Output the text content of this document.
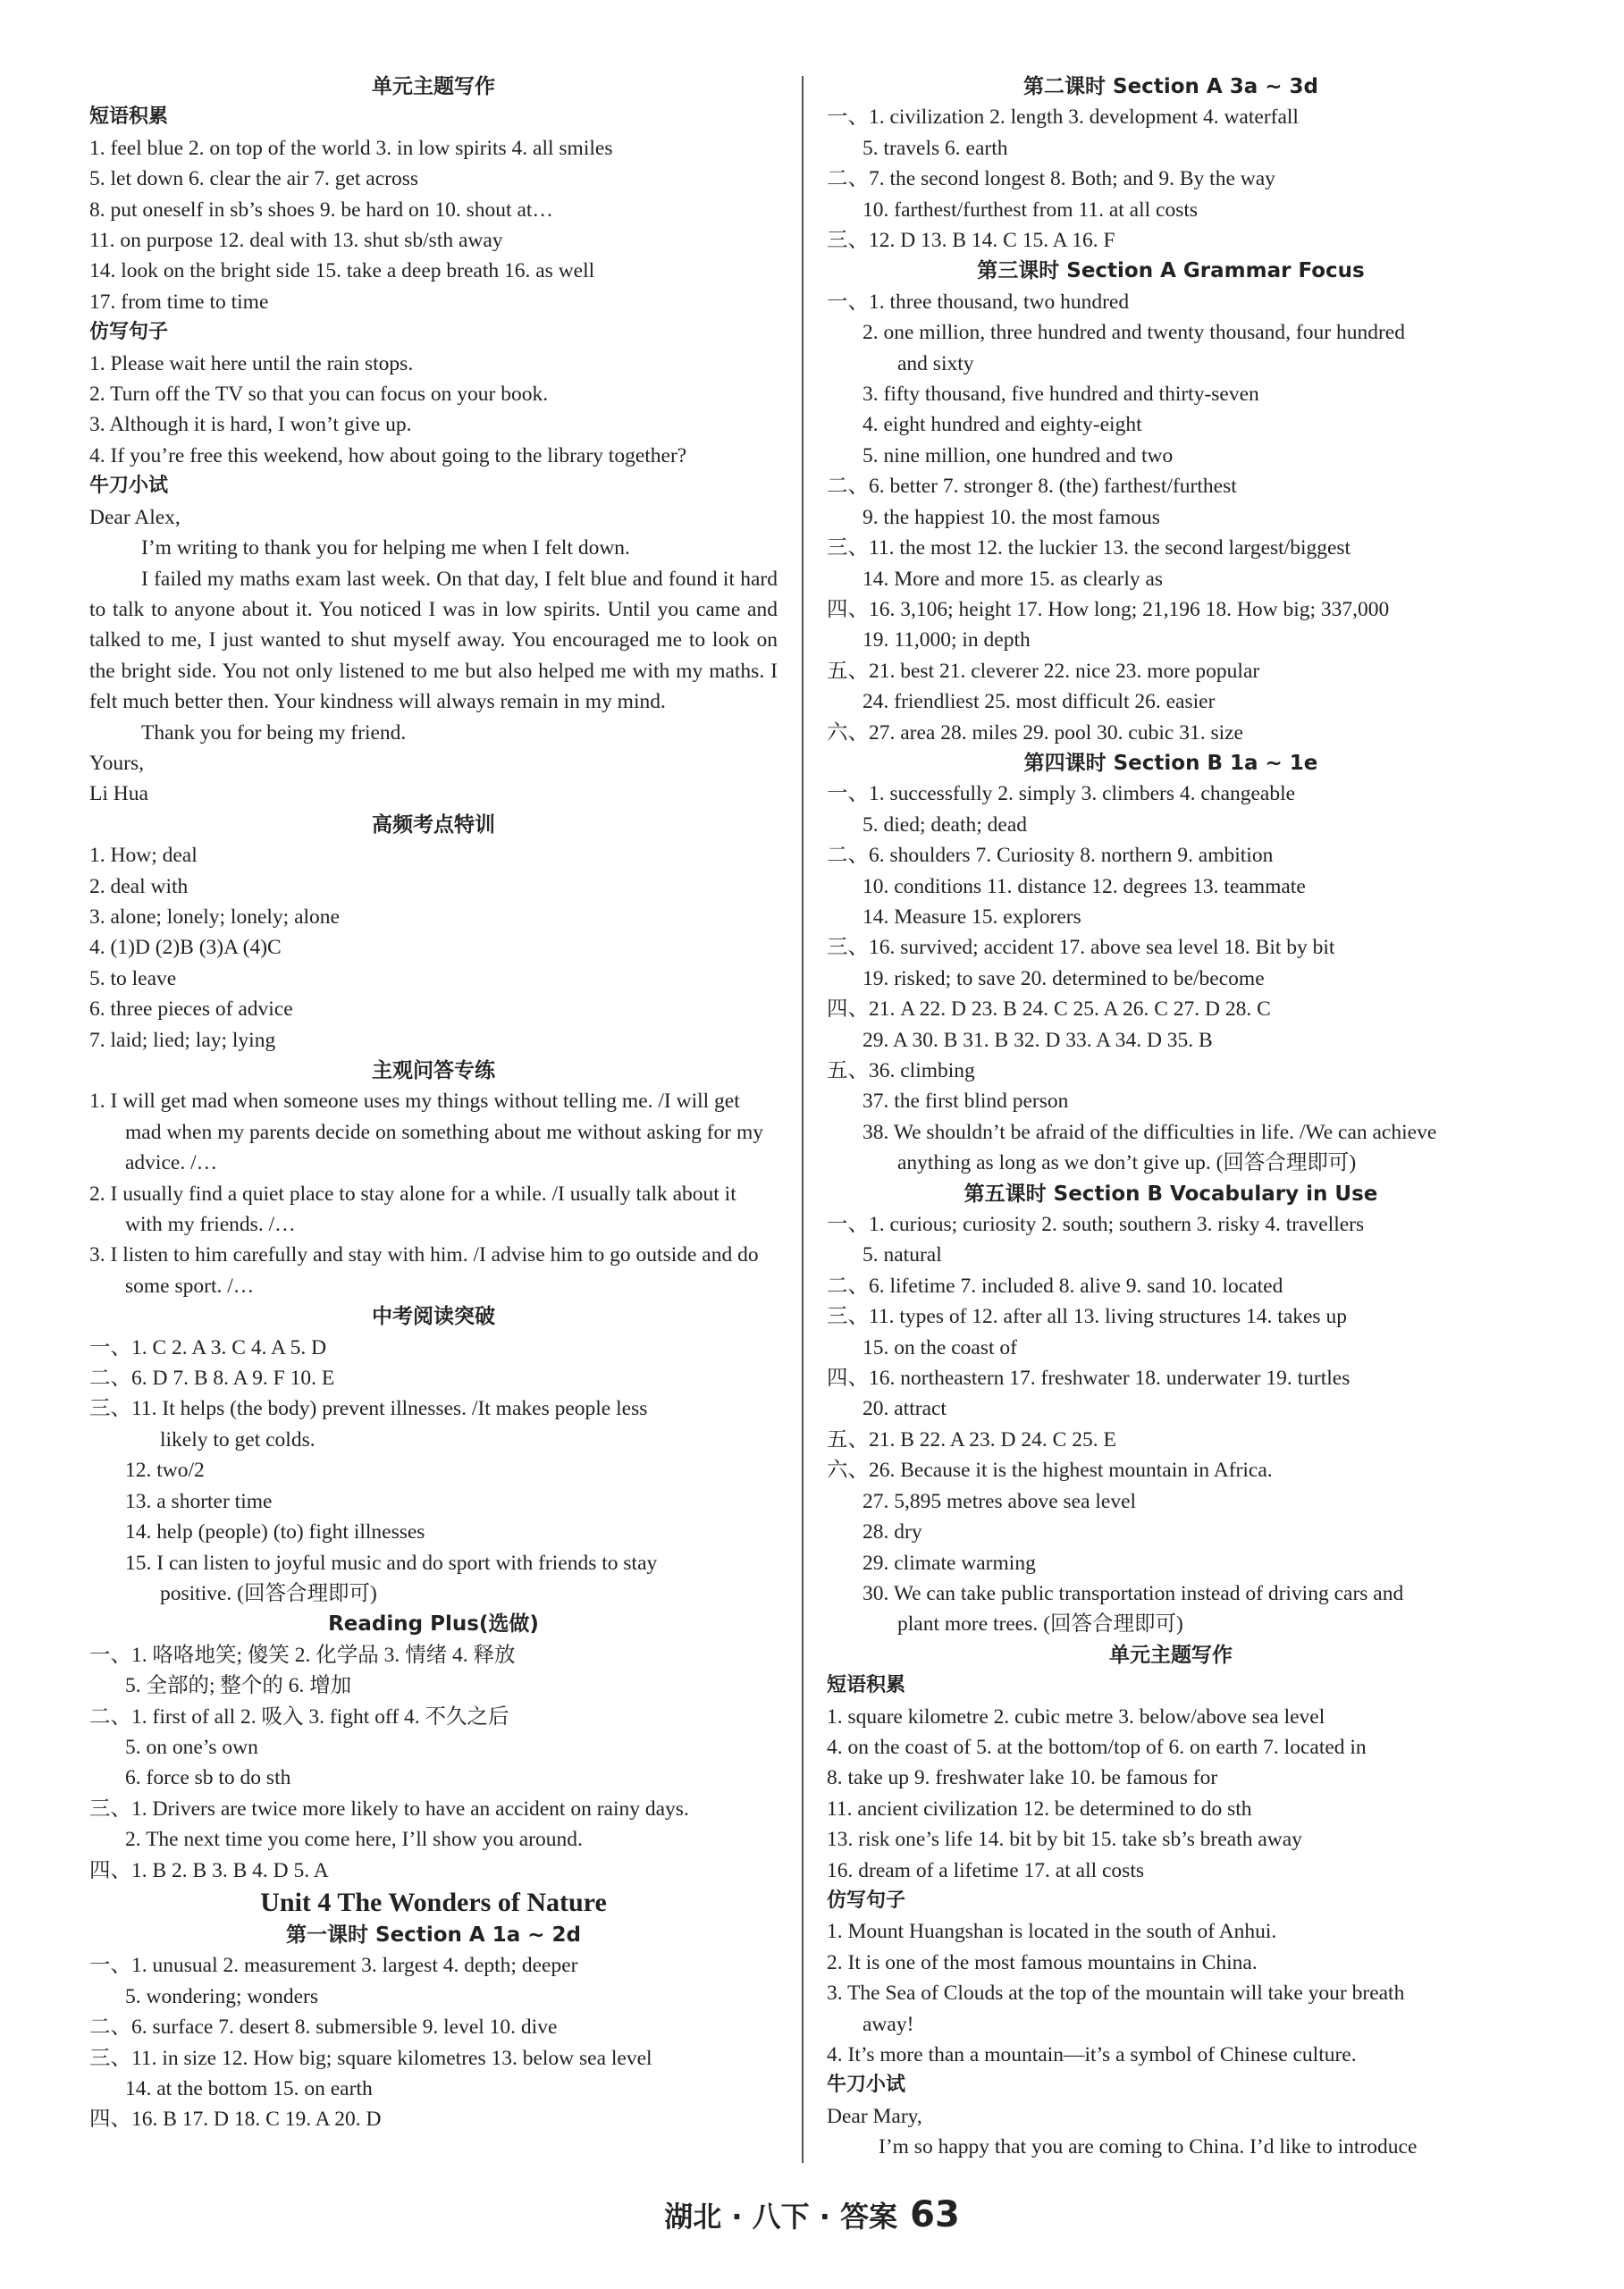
单元主题写作
短语积累
1. feel blue 2. on top of the world 3. in low spirits 4. all smiles
5. let down 6. clear the air 7. get across
8. put oneself in sb’s shoes 9. be hard on 10. shout at…
11. on purpose 12. deal with 13. shut sb/sth away
14. look on the bright side 15. take a deep breath 16. as well
17. from time to time
仿写句子
1. Please wait here until the rain stops.
2. Turn off the TV so that you can focus on your book.
3. Although it is hard, I won’t give up.
4. If you’re free this weekend, how about going to the library together?
牛刀小试
Dear Alex,
I’m writing to thank you for helping me when I felt down.
I failed my maths exam last week. On that day, I felt blue and found it hard to talk to anyone about it. You noticed I was in low spirits. Until you came and talked to me, I just wanted to shut myself away. You encouraged me to look on the bright side. You not only listened to me but also helped me with my maths. I felt much better then. Your kindness will always remain in my mind.
Thank you for being my friend.
Yours,
Li Hua
高频考点特训
1. How; deal
2. deal with
3. alone; lonely; lonely; alone
4. (1)D (2)B (3)A (4)C
5. to leave
6. three pieces of advice
7. laid; lied; lay; lying
主观问答专练
1. I will get mad when someone uses my things without telling me. /I will get mad when my parents decide on something about me without asking for my advice. /…
2. I usually find a quiet place to stay alone for a while. /I usually talk about it with my friends. /…
3. I listen to him carefully and stay with him. /I advise him to go outside and do some sport. /…
中考阅读突破
一、1. C 2. A 3. C 4. A 5. D
二、6. D 7. B 8. A 9. F 10. E
三、11. It helps (the body) prevent illnesses. /It makes people less
likely to get colds.
12. two/2
13. a shorter time
14. help (people) (to) fight illnesses
15. I can listen to joyful music and do sport with friends to stay
positive. (回答合理即可)
Reading Plus(选做)
一、1. 咯咯地笑; 傻笑 2. 化学品 3. 情绪 4. 释放
5. 全部的; 整个的 6. 增加
二、1. first of all 2. 吸入 3. fight off 4. 不久之后
5. on one’s own
6. force sb to do sth
三、1. Drivers are twice more likely to have an accident on rainy days.
2. The next time you come here, I’ll show you around.
四、1. B 2. B 3. B 4. D 5. A
Unit 4 The Wonders of Nature
第一课时 Section A 1a ~ 2d
一、1. unusual 2. measurement 3. largest 4. depth; deeper
5. wondering; wonders
二、6. surface 7. desert 8. submersible 9. level 10. dive
三、11. in size 12. How big; square kilometres 13. below sea level
14. at the bottom 15. on earth
四、16. B 17. D 18. C 19. A 20. D
第二课时 Section A 3a ~ 3d
一、1. civilization 2. length 3. development 4. waterfall
5. travels 6. earth
二、7. the second longest 8. Both; and 9. By the way
10. farthest/furthest from 11. at all costs
三、12. D 13. B 14. C 15. A 16. F
第三课时 Section A Grammar Focus
一、1. three thousand, two hundred
2. one million, three hundred and twenty thousand, four hundred
and sixty
3. fifty thousand, five hundred and thirty-seven
4. eight hundred and eighty-eight
5. nine million, one hundred and two
二、6. better 7. stronger 8. (the) farthest/furthest
9. the happiest 10. the most famous
三、11. the most 12. the luckier 13. the second largest/biggest
14. More and more 15. as clearly as
四、16. 3,106; height 17. How long; 21,196 18. How big; 337,000
19. 11,000; in depth
五、21. best 21. cleverer 22. nice 23. more popular
24. friendliest 25. most difficult 26. easier
六、27. area 28. miles 29. pool 30. cubic 31. size
第四课时 Section B 1a ~ 1e
一、1. successfully 2. simply 3. climbers 4. changeable
5. died; death; dead
二、6. shoulders 7. Curiosity 8. northern 9. ambition
10. conditions 11. distance 12. degrees 13. teammate
14. Measure 15. explorers
三、16. survived; accident 17. above sea level 18. Bit by bit
19. risked; to save 20. determined to be/become
四、21. A 22. D 23. B 24. C 25. A 26. C 27. D 28. C
29. A 30. B 31. B 32. D 33. A 34. D 35. B
五、36. climbing
37. the first blind person
38. We shouldn’t be afraid of the difficulties in life. /We can achieve
anything as long as we don’t give up. (回答合理即可)
第五课时 Section B Vocabulary in Use
一、1. curious; curiosity 2. south; southern 3. risky 4. travellers
5. natural
二、6. lifetime 7. included 8. alive 9. sand 10. located
三、11. types of 12. after all 13. living structures 14. takes up
15. on the coast of
四、16. northeastern 17. freshwater 18. underwater 19. turtles
20. attract
五、21. B 22. A 23. D 24. C 25. E
六、26. Because it is the highest mountain in Africa.
27. 5,895 metres above sea level
28. dry
29. climate warming
30. We can take public transportation instead of driving cars and
plant more trees. (回答合理即可)
单元主题写作
短语积累
1. square kilometre 2. cubic metre 3. below/above sea level
4. on the coast of 5. at the bottom/top of 6. on earth 7. located in
8. take up 9. freshwater lake 10. be famous for
11. ancient civilization 12. be determined to do sth
13. risk one’s life 14. bit by bit 15. take sb’s breath away
16. dream of a lifetime 17. at all costs
仿写句子
1. Mount Huangshan is located in the south of Anhui.
2. It is one of the most famous mountains in China.
3. The Sea of Clouds at the top of the mountain will take your breath
away!
4. It’s more than a mountain—it’s a symbol of Chinese culture.
牛刀小试
Dear Mary,
I’m so happy that you are coming to China. I’d like to introduce
湖北 · 八下 · 答案 63
